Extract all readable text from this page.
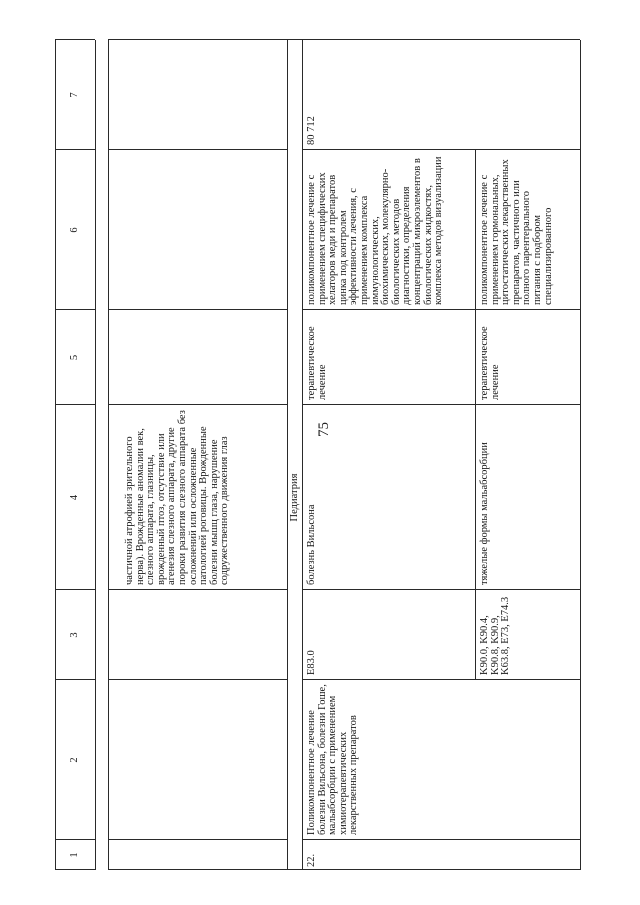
75
1
2
3
4
5
6
7
частичной атрофией зрительного нерва). Врожденные аномалии век, слезного аппарата, глазницы, врожденный птоз, отсутствие или агенезия слезного аппарата, другие пороки развития слезного аппарата без осложнений или осложненные патологией роговицы. Врожденные болезни мышц глаза, нарушение содружественного движения глаз	Педиатрия
22.
Поликомпонентное лечение болезни Вильсона, болезни Гоше, мальабсорбции с применением химиотерапевтических лекарственных препаратов
80 712
E83.0
болезнь Вильсона
терапевтическое лечение
поликомпонентное лечение с применением специфических хелаторов меди и препаратов цинка под контролем эффективности лечения, с применением комплекса иммунологических, биохимических, молекулярно-биологических методов диагностики, определения концентраций микроэлементов в биологических жидкостях, комплекса методов визуализации
K90.0, K90.4, K90.8, K90.9, K63.8, E73, E74.3
тяжелые формы мальабсорбции
терапевтическое лечение
поликомпонентное лечение с применением гормональных, цитостатических лекарственных препаратов, частичного или полного парентерального питания с подбором специализированного
